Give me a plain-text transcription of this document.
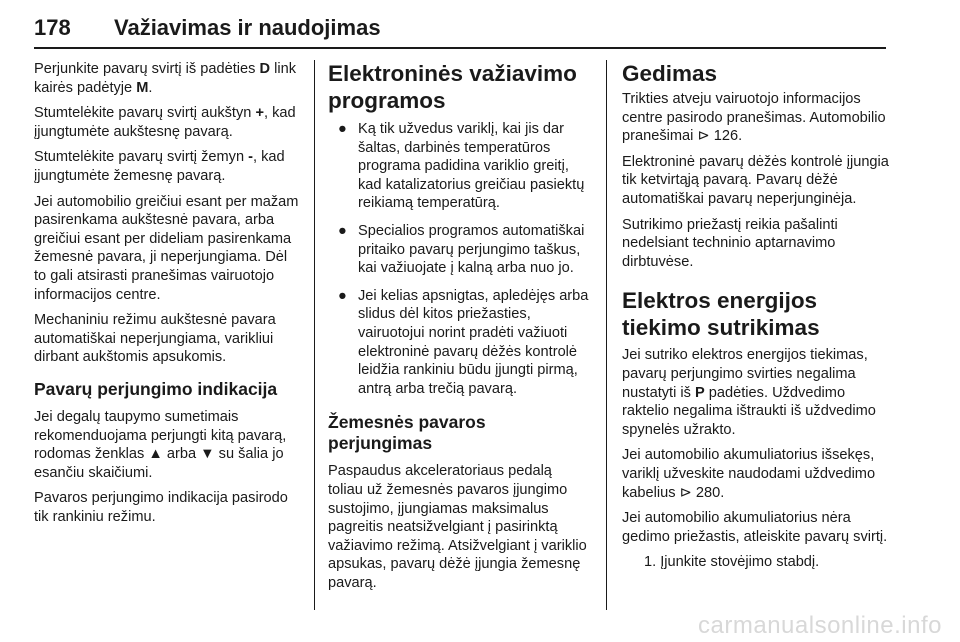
178 Važiavimas ir naudojimas

Perjunkite pavarų svirtį iš padėties D link kairės padėtyje M.

Stumtelėkite pavarų svirtį aukštyn +, kad įjungtumėte aukštesnę pavarą.

Stumtelėkite pavarų svirtį žemyn -, kad įjungtumėte žemesnę pavarą.

Jei automobilio greičiui esant per mažam pasirenkama aukštesnė pavara, arba greičiui esant per dideliam pasirenkama žemesnė pavara, ji neperjungiama. Dėl to gali atsirasti pranešimas vairuotojo informacijos centre.

Mechaniniu režimu aukštesnė pavara automatiškai neperjungiama, varikliui dirbant aukštomis apsukomis.

Pavarų perjungimo indikacija

Jei degalų taupymo sumetimais rekomenduojama perjungti kitą pavarą, rodomas ženklas ▲ arba ▼ su šalia jo esančiu skaičiumi.

Pavaros perjungimo indikacija pasirodo tik rankiniu režimu.

Elektroninės važiavimo programos
● Ką tik užvedus variklį, kai jis dar šaltas, darbinės temperatūros programa padidina variklio greitį, kad katalizatorius greičiau pasiektų reikiamą temperatūrą.
● Specialios programos automatiškai pritaiko pavarų perjungimo taškus, kai važiuojate į kalną arba nuo jo.
● Jei kelias apsnigtas, apledėjęs arba slidus dėl kitos priežasties, vairuotojui norint pradėti važiuoti elektroninė pavarų dėžės kontrolė leidžia rankiniu būdu įjungti pirmą, antrą arba trečią pavarą.
Žemesnės pavaros perjungimas

Paspaudus akceleratoriaus pedalą toliau už žemesnės pavaros įjungimo sustojimo, įjungiamas maksimalus pagreitis neatsižvelgiant į pasirinktą važiavimo režimą. Atsižvelgiant į variklio apsukas, pavarų dėžė įjungia žemesnę pavarą.

Gedimas

Trikties atveju vairuotojo informacijos centre pasirodo pranešimas. Automobilio pranešimai ⊳ 126.

Elektroninė pavarų dėžės kontrolė įjungia tik ketvirtąją pavarą. Pavarų dėžė automatiškai pavarų neperjunginėja.

Sutrikimo priežastį reikia pašalinti nedelsiant techninio aptarnavimo dirbtuvėse.

Elektros energijos tiekimo sutrikimas

Jei sutriko elektros energijos tiekimas, pavarų perjungimo svirties negalima nustatyti iš P padėties. Uždvedimo raktelio negalima ištraukti iš uždvedimo spynelės užrakto.

Jei automobilio akumuliatorius išsekęs, variklį užveskite naudodami uždvedimo kabelius ⊳ 280.

Jei automobilio akumuliatorius nėra gedimo priežastis, atleiskite pavarų svirtį.

1. Įjunkite stovėjimo stabdį.
carmanualsonline.info
